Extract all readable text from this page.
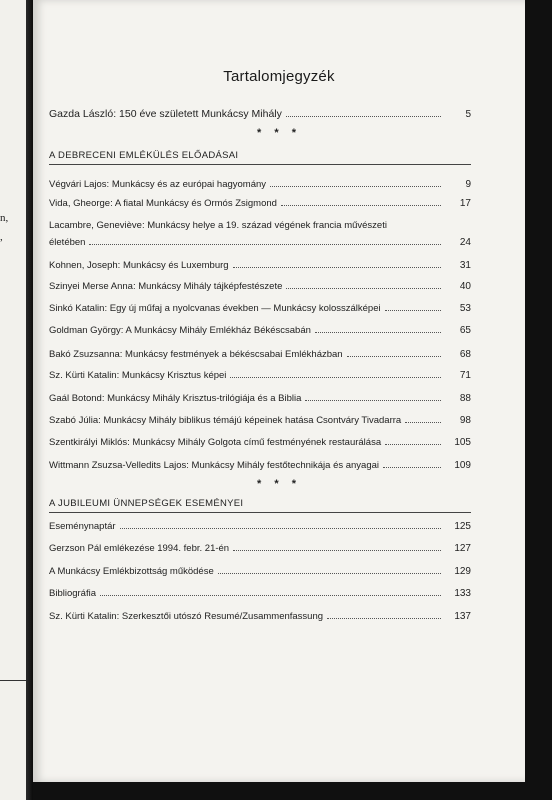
n,
,
Tartalomjegyzék
Gazda László: 150 éve született Munkácsy Mihály	5
* * *
A DEBRECENI EMLÉKÜLÉS ELŐADÁSAI
Végvári Lajos: Munkácsy és az európai hagyomány	9
Vida, Gheorge: A fiatal Munkácsy és Ormós Zsigmond	17
Lacambre, Geneviève: Munkácsy helye a 19. század végének francia művészeti
életében	24
Kohnen, Joseph: Munkácsy és Luxemburg	31
Szinyei Merse Anna: Munkácsy Mihály tájképfestészete	40
Sinkó Katalin: Egy új műfaj a nyolcvanas években — Munkácsy kolosszálképei	53
Goldman György: A Munkácsy Mihály Emlékház Békéscsabán	65
Bakó Zsuzsanna: Munkácsy festmények a békéscsabai Emlékházban	68
Sz. Kürti Katalin: Munkácsy Krisztus képei	71
Gaál Botond: Munkácsy Mihály Krisztus-trilógiája és a Biblia	88
Szabó Júlia: Munkácsy Mihály biblikus témájú képeinek hatása Csontváry Tivadarra	98
Szentkirályi Miklós: Munkácsy Mihály Golgota című festményének restaurálása	105
Wittmann Zsuzsa-Velledits Lajos: Munkácsy Mihály festőtechnikája és anyagai	109
* * *
A JUBILEUMI ÜNNEPSÉGEK ESEMÉNYEI
Eseménynaptár	125
Gerzson Pál emlékezése 1994. febr. 21-én	127
A Munkácsy Emlékbizottság működése	129
Bibliográfia	133
Sz. Kürti Katalin: Szerkesztői utószó Resumé/Zusammenfassung	137
